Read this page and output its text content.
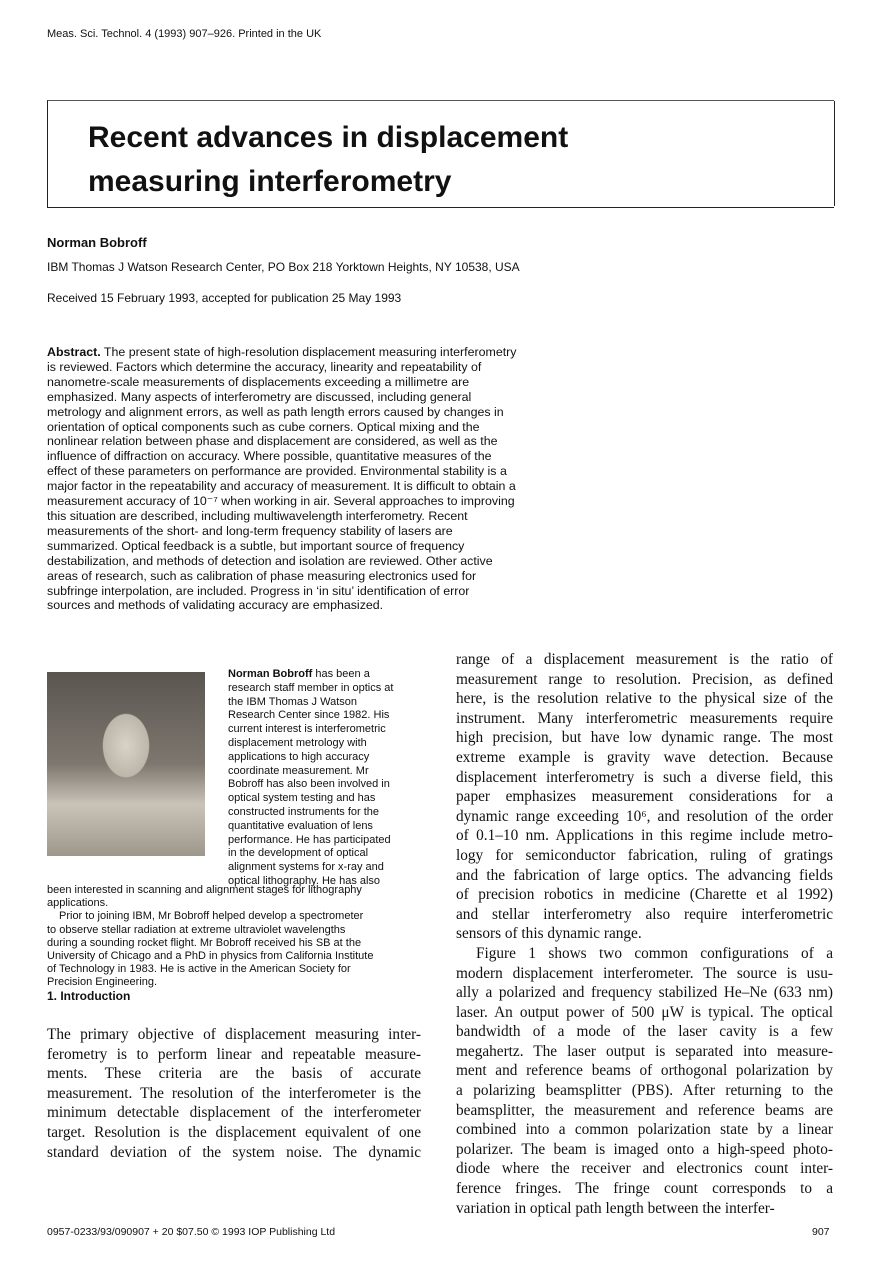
Meas. Sci. Technol. 4 (1993) 907–926. Printed in the UK
Recent advances in displacement
measuring interferometry
Norman Bobroff
IBM Thomas J Watson Research Center, PO Box 218 Yorktown Heights, NY 10538, USA
Received 15 February 1993, accepted for publication 25 May 1993
Abstract. The present state of high-resolution displacement measuring interferometry
is reviewed. Factors which determine the accuracy, linearity and repeatability of
nanometre-scale measurements of displacements exceeding a millimetre are
emphasized. Many aspects of interferometry are discussed, including general
metrology and alignment errors, as well as path length errors caused by changes in
orientation of optical components such as cube corners. Optical mixing and the
nonlinear relation between phase and displacement are considered, as well as the
influence of diffraction on accuracy. Where possible, quantitative measures of the
effect of these parameters on performance are provided. Environmental stability is a
major factor in the repeatability and accuracy of measurement. It is difficult to obtain a
measurement accuracy of 10⁻⁷ when working in air. Several approaches to improving
this situation are described, including multiwavelength interferometry. Recent
measurements of the short- and long-term frequency stability of lasers are
summarized. Optical feedback is a subtle, but important source of frequency
destabilization, and methods of detection and isolation are reviewed. Other active
areas of research, such as calibration of phase measuring electronics used for
subfringe interpolation, are included. Progress in ‘in situ’ identification of error
sources and methods of validating accuracy are emphasized.
Norman Bobroff has been a
research staff member in optics at
the IBM Thomas J Watson
Research Center since 1982. His
current interest is interferometric
displacement metrology with
applications to high accuracy
coordinate measurement. Mr
Bobroff has also been involved in
optical system testing and has
constructed instruments for the
quantitative evaluation of lens
performance. He has participated
in the development of optical
alignment systems for x-ray and
optical lithography. He has also
been interested in scanning and alignment stages for lithography
applications.
Prior to joining IBM, Mr Bobroff helped develop a spectrometer
to observe stellar radiation at extreme ultraviolet wavelengths
during a sounding rocket flight. Mr Bobroff received his SB at the
University of Chicago and a PhD in physics from California Institute
of Technology in 1983. He is active in the American Society for
Precision Engineering.
1. Introduction
The primary objective of displacement measuring inter-
ferometry is to perform linear and repeatable measure-
ments. These criteria are the basis of accurate
measurement. The resolution of the interferometer is the
minimum detectable displacement of the interferometer
target. Resolution is the displacement equivalent of one
standard deviation of the system noise. The dynamic
range of a displacement measurement is the ratio of
measurement range to resolution. Precision, as defined
here, is the resolution relative to the physical size of the
instrument. Many interferometric measurements require
high precision, but have low dynamic range. The most
extreme example is gravity wave detection. Because
displacement interferometry is such a diverse field, this
paper emphasizes measurement considerations for a
dynamic range exceeding 10⁶, and resolution of the order
of 0.1–10 nm. Applications in this regime include metro-
logy for semiconductor fabrication, ruling of gratings
and the fabrication of large optics. The advancing fields
of precision robotics in medicine (Charette et al 1992)
and stellar interferometry also require interferometric
sensors of this dynamic range.
Figure 1 shows two common configurations of a
modern displacement interferometer. The source is usu-
ally a polarized and frequency stabilized He–Ne (633 nm)
laser. An output power of 500 μW is typical. The optical
bandwidth of a mode of the laser cavity is a few
megahertz. The laser output is separated into measure-
ment and reference beams of orthogonal polarization by
a polarizing beamsplitter (PBS). After returning to the
beamsplitter, the measurement and reference beams are
combined into a common polarization state by a linear
polarizer. The beam is imaged onto a high-speed photo-
diode where the receiver and electronics count inter-
ference fringes. The fringe count corresponds to a
variation in optical path length between the interfer-
0957-0233/93/090907 + 20 $07.50 © 1993 IOP Publishing Ltd	907
